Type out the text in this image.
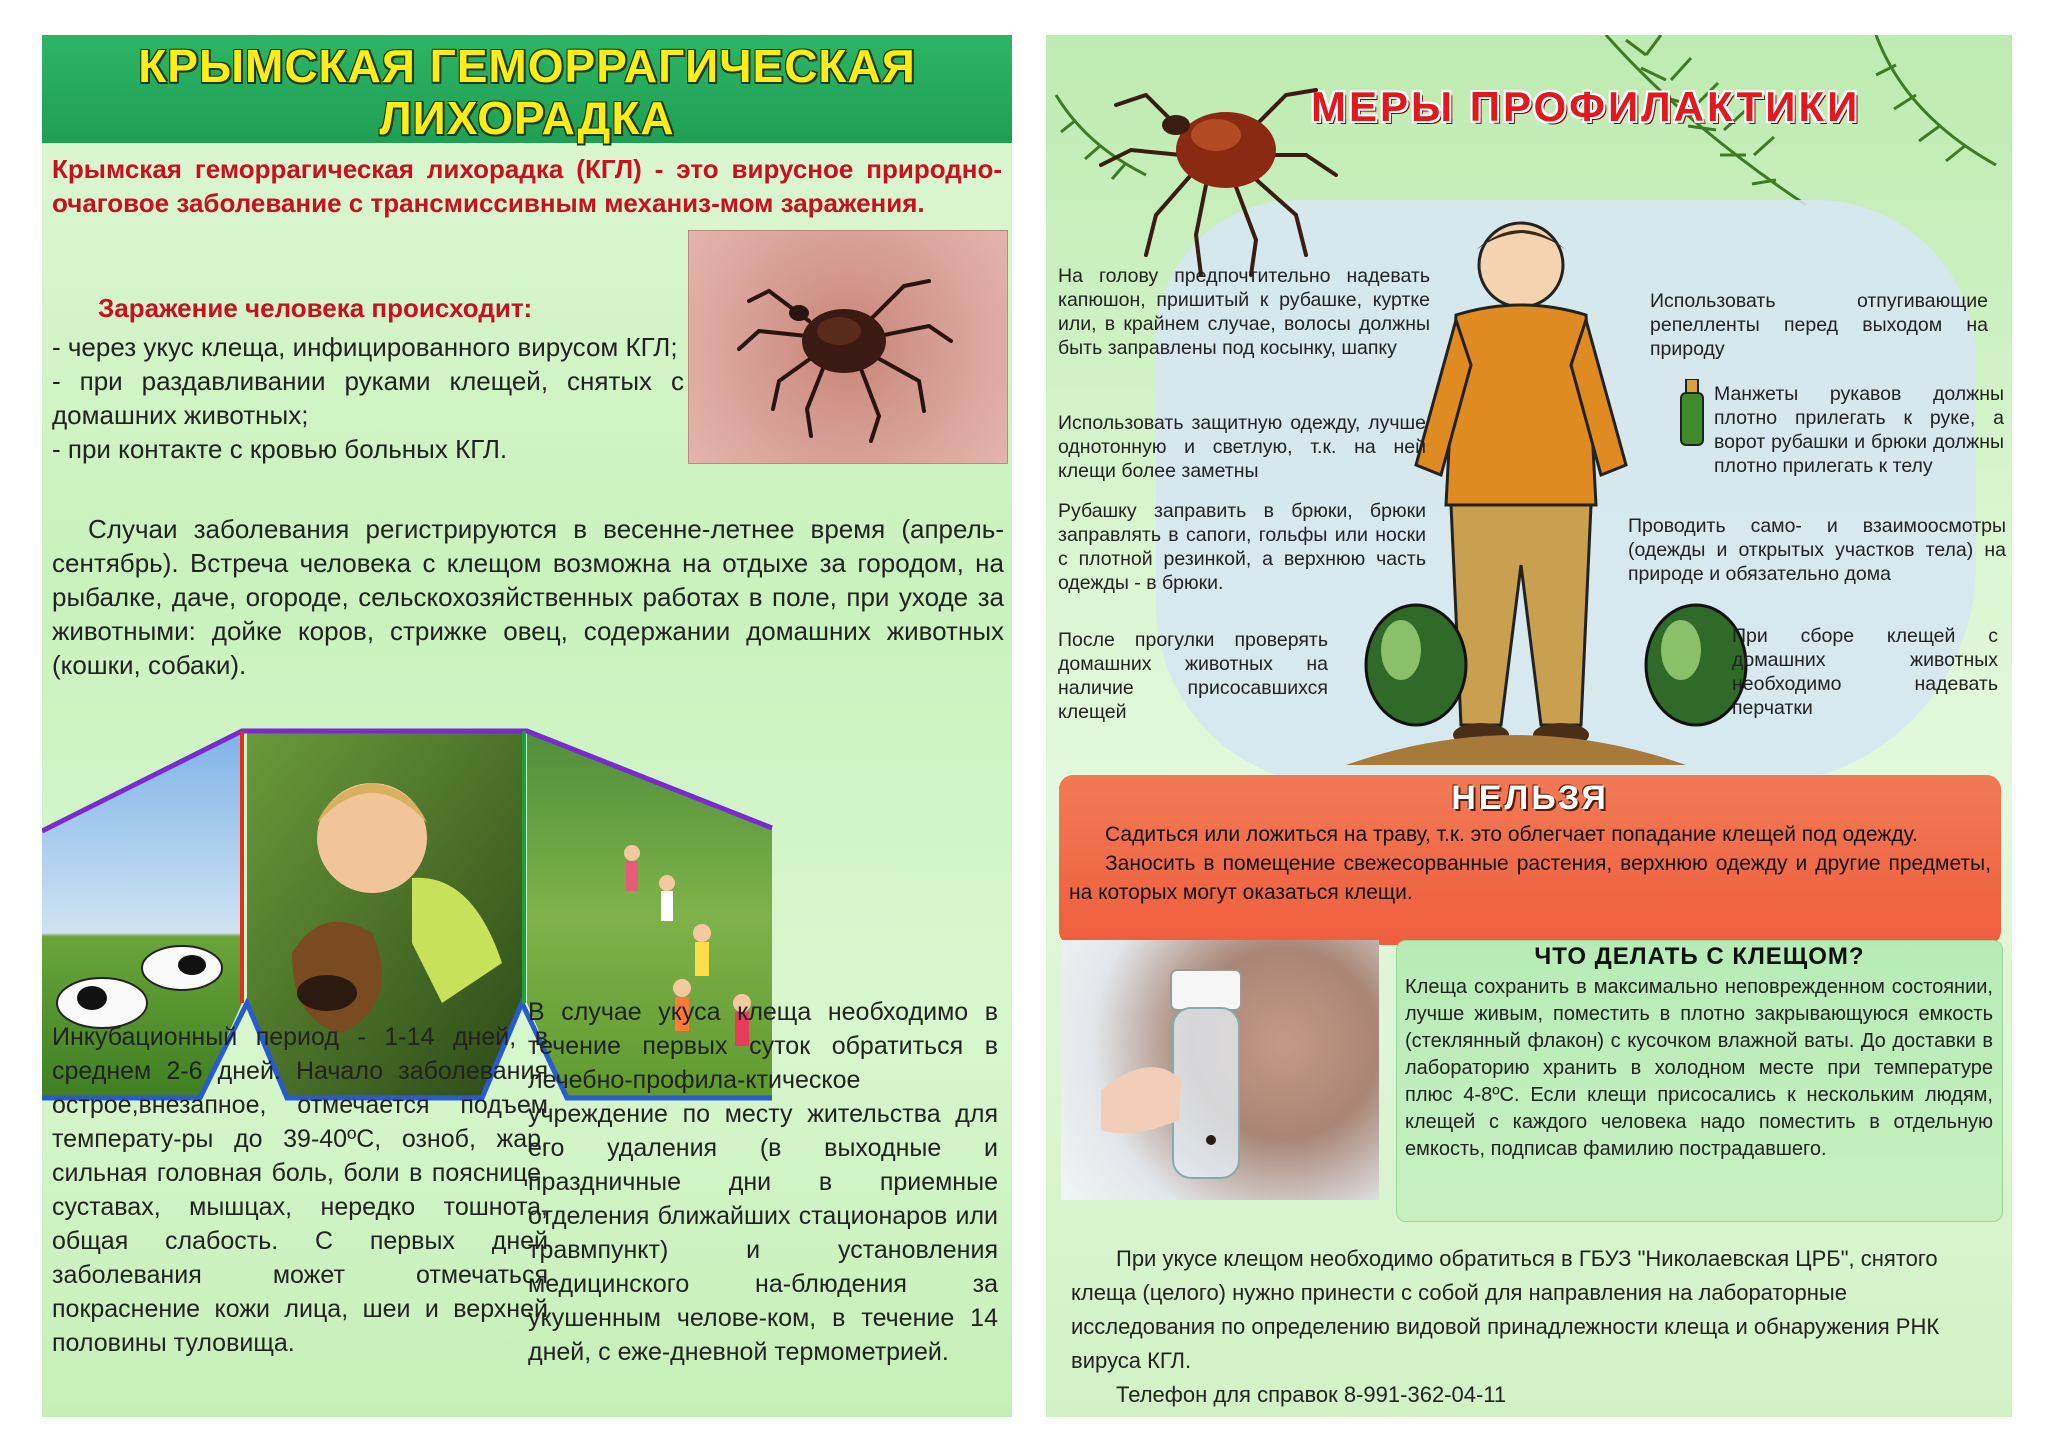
КРЫМСКАЯ ГЕМОРРАГИЧЕСКАЯ
ЛИХОРАДКА
Крымская геморрагическая лихорадка (КГЛ) - это вирусное природно-очаговое заболевание с трансмиссивным механиз-мом заражения.
Заражение человека происходит:

- через укус клеща, инфицированного вирусом КГЛ;

- при раздавливании руками клещей, снятых с домашних животных;

- при контакте с кровью больных КГЛ.

Случаи заболевания регистрируются в весенне-летнее время (апрель-сентябрь). Встреча человека с клещом возможна на отдыхе за городом, на рыбалке, даче, огороде, сельскохозяйственных работах в поле, при уходе за животными: дойке коров, стрижке овец, содержании домашних животных (кошки, собаки).
Инкубационный период - 1-14 дней, в среднем 2-6 дней. Начало заболевания острое,внезапное, отмечается подъем температу-ры до 39-40ºС, озноб, жар, сильная головная боль, боли в пояснице, суставах, мышцах, нередко тошнота, общая слабость. С первых дней заболевания может отмечаться покраснение кожи лица, шеи и верхней половины туловища.
В случае укуса клеща необходимо в течение первых суток обратиться в лечебно-профила-ктическое учреждение по месту жительства для его удаления (в выходные и праздничные дни в приемные отделения ближайших стационаров или травмпункт) и установления медицинского на-блюдения за укушенным челове-ком, в течение 14 дней, с еже-дневной термометрией.
МЕРЫ ПРОФИЛАКТИКИ
На голову предпочтительно надевать капюшон, пришитый к рубашке, куртке или, в крайнем случае, волосы должны быть заправлены под косынку, шапку
Использовать защитную одежду, лучше однотонную и светлую, т.к. на ней клещи более заметны
Рубашку заправить в брюки, брюки заправлять в сапоги, гольфы или носки с плотной резинкой, а верхнюю часть одежды - в брюки.
После прогулки проверять домашних животных на наличие присосавшихся клещей
Использовать отпугивающие репелленты перед выходом на природу
Манжеты рукавов должны плотно прилегать к руке, а ворот рубашки и брюки должны плотно прилегать к телу
Проводить само- и взаимоосмотры (одежды и открытых участков тела) на природе и обязательно дома
При сборе клещей с домашних животных необходимо надевать перчатки
НЕЛЬЗЯ

Садиться или ложиться на траву, т.к. это облегчает попадание клещей под одежду.

Заносить в помещение свежесорванные растения, верхнюю одежду и другие предметы, на которых могут оказаться клещи.

ЧТО ДЕЛАТЬ С КЛЕЩОМ?
Клеща сохранить в максимально неповрежденном состоянии, лучше живым, поместить в плотно закрывающуюся емкость (стеклянный флакон) с кусочком влажной ваты. До доставки в лабораторию хранить в холодном месте при температуре плюс 4-8ºС. Если клещи присосались к нескольким людям, клещей с каждого человека надо поместить в отдельную емкость, подписав фамилию пострадавшего.

При укусе клещом необходимо обратиться в ГБУЗ "Николаевская ЦРБ", снятого клеща (целого) нужно принести с собой для направления на лабораторные исследования по определению видовой принадлежности клеща и обнаружения РНК вируса КГЛ.

Телефон для справок 8-991-362-04-11
